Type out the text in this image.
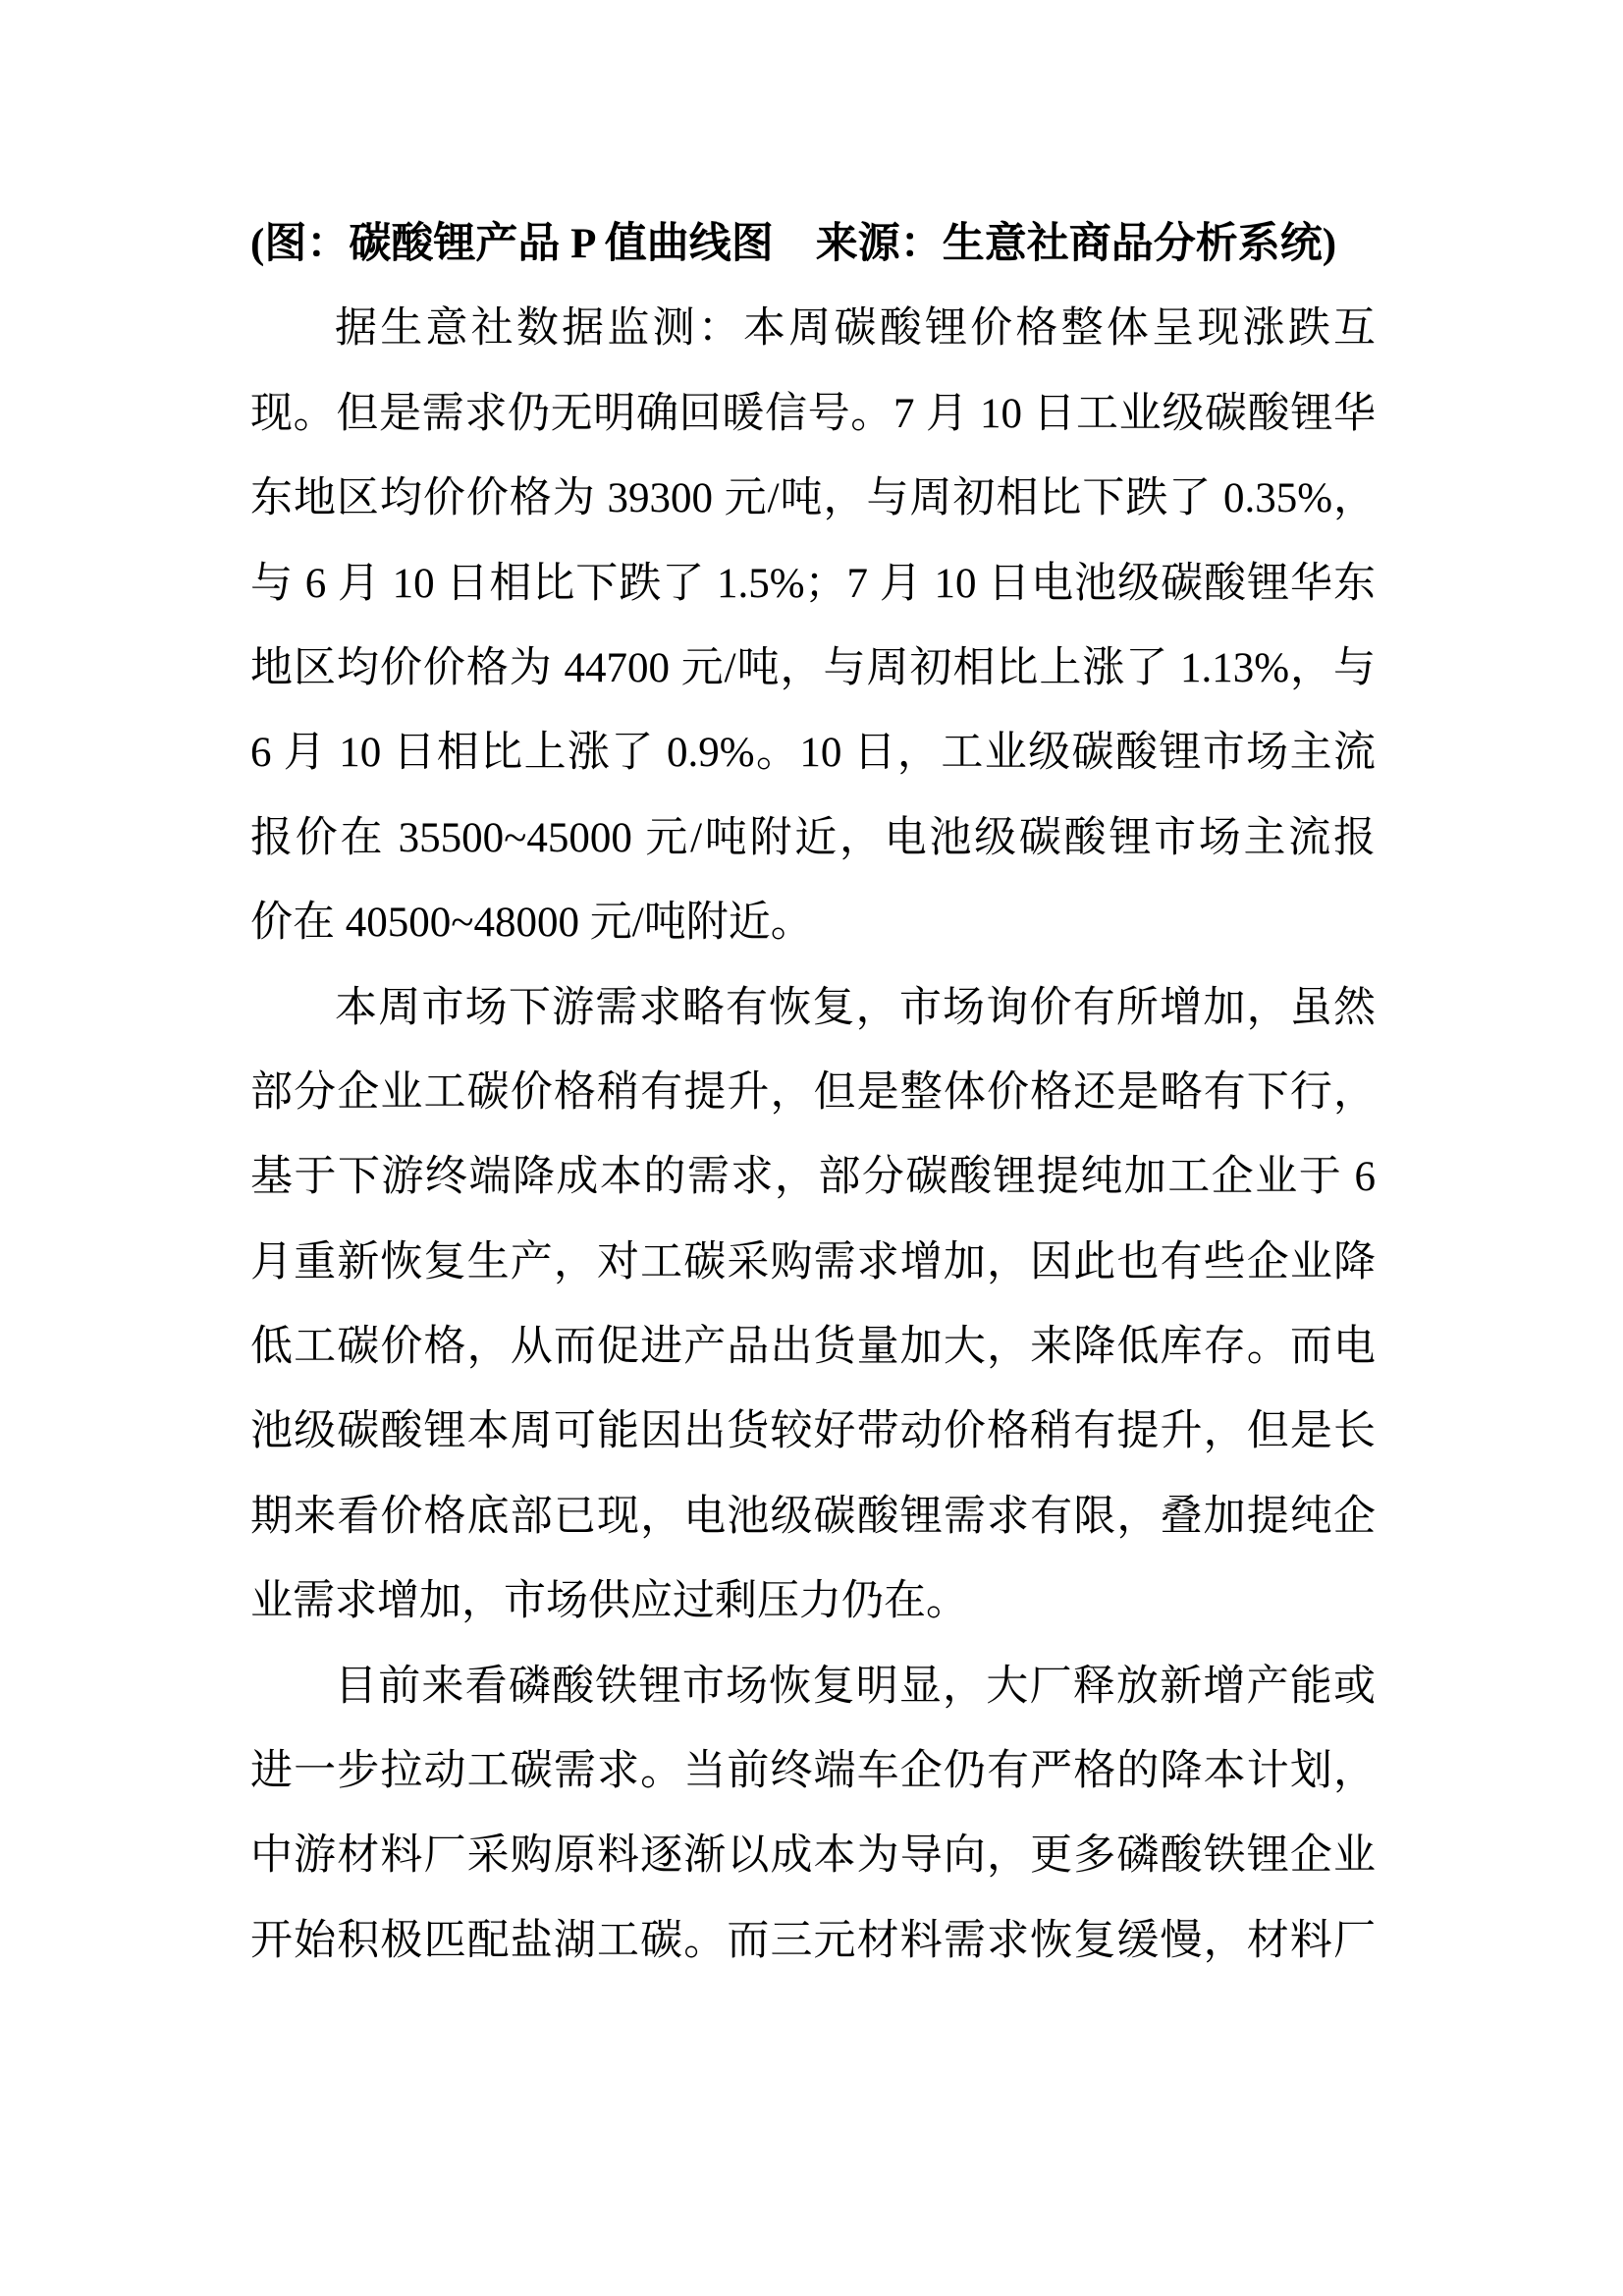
(图：碳酸锂产品 P 值曲线图　来源：生意社商品分析系统)
据生意社数据监测：本周碳酸锂价格整体呈现涨跌互
现。但是需求仍无明确回暖信号。7 月 10 日工业级碳酸锂华
东地区均价价格为 39300 元/吨，与周初相比下跌了 0.35%，
与 6 月 10 日相比下跌了 1.5%；7 月 10 日电池级碳酸锂华东
地区均价价格为 44700 元/吨，与周初相比上涨了 1.13%，与
6 月 10 日相比上涨了 0.9%。10 日，工业级碳酸锂市场主流
报价在 35500~45000 元/吨附近，电池级碳酸锂市场主流报
价在 40500~48000 元/吨附近。
本周市场下游需求略有恢复，市场询价有所增加，虽然
部分企业工碳价格稍有提升，但是整体价格还是略有下行，
基于下游终端降成本的需求，部分碳酸锂提纯加工企业于 6
月重新恢复生产，对工碳采购需求增加，因此也有些企业降
低工碳价格，从而促进产品出货量加大，来降低库存。而电
池级碳酸锂本周可能因出货较好带动价格稍有提升，但是长
期来看价格底部已现，电池级碳酸锂需求有限，叠加提纯企
业需求增加，市场供应过剩压力仍在。
目前来看磷酸铁锂市场恢复明显，大厂释放新增产能或
进一步拉动工碳需求。当前终端车企仍有严格的降本计划，
中游材料厂采购原料逐渐以成本为导向，更多磷酸铁锂企业
开始积极匹配盐湖工碳。而三元材料需求恢复缓慢，材料厂
